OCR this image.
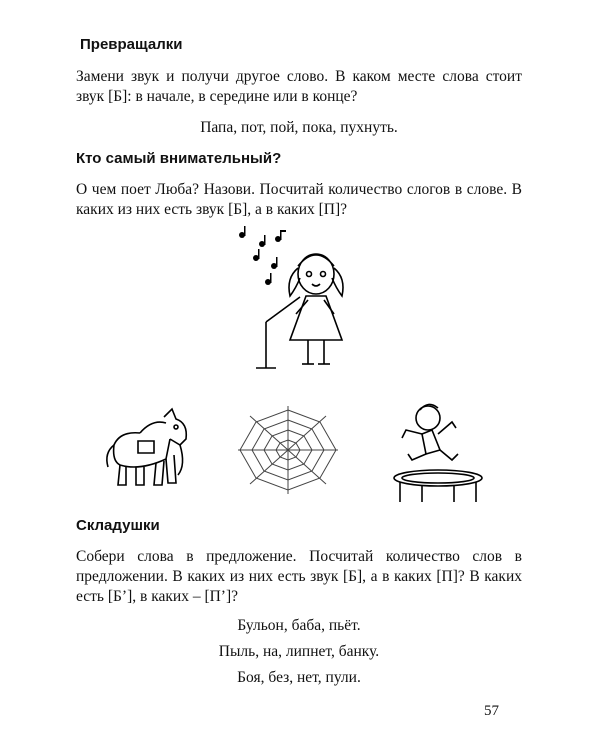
Превращалки

Замени звук и получи другое слово. В каком месте слова стоит звук [Б]: в начале, в середине или в конце?

Папа, пот, пой, пока, пухнуть.

Кто самый внимательный?

О чем поет Люба? Назови. Посчитай количество слогов в слове. В каких из них есть звук [Б], а в каких [П]?

Складушки

Собери слова в предложение. Посчитай количество слов в предложении. В каких из них есть звук [Б], а в каких [П]? В каких есть [Б’], в каких – [П’]?

Бульон, баба, пьёт.

Пыль, на, липнет, банку.

Боя, без, нет, пули.

57
